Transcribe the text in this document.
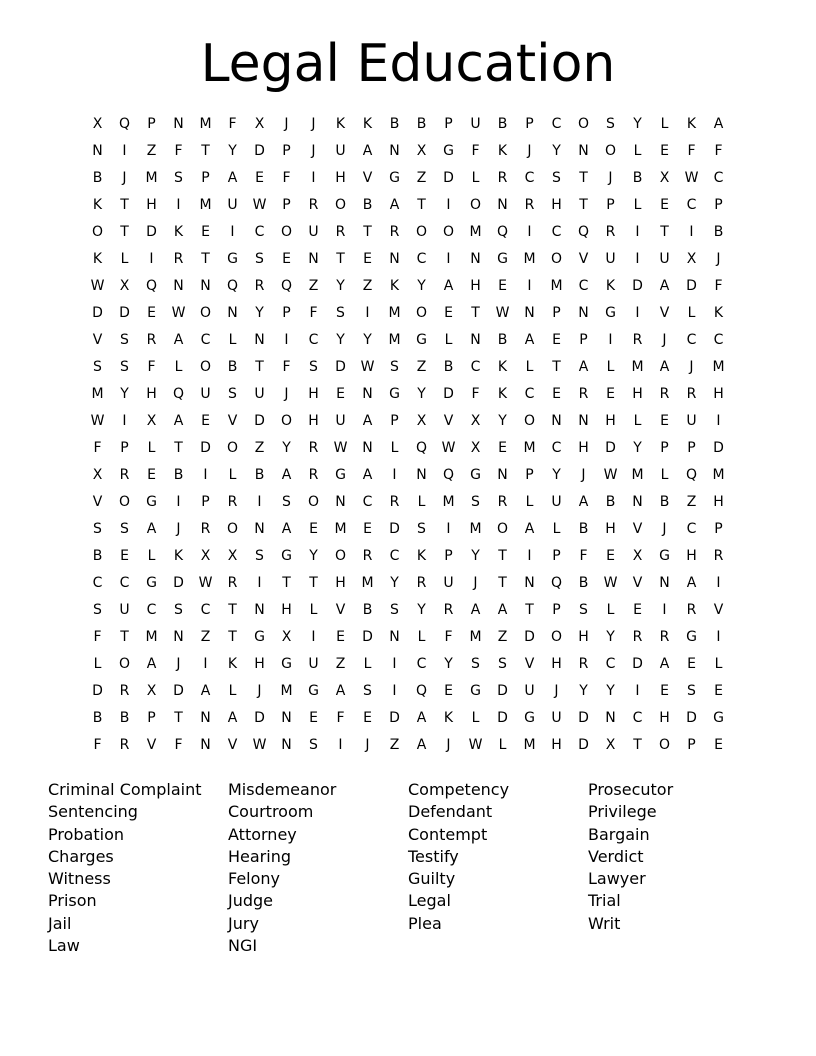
Legal Education
X	Q	P	N	M	F	X	J	J	K	K	B	B	P	U	B	P	C	O	S	Y	L	K	A
N	I	Z	F	T	Y	D	P	J	U	A	N	X	G	F	K	J	Y	N	O	L	E	F	F
B	J	M	S	P	A	E	F	I	H	V	G	Z	D	L	R	C	S	T	J	B	X	W	C
K	T	H	I	M	U	W	P	R	O	B	A	T	I	O	N	R	H	T	P	L	E	C	P
O	T	D	K	E	I	C	O	U	R	T	R	O	O	M	Q	I	C	Q	R	I	T	I	B
K	L	I	R	T	G	S	E	N	T	E	N	C	I	N	G	M	O	V	U	I	U	X	J
W	X	Q	N	N	Q	R	Q	Z	Y	Z	K	Y	A	H	E	I	M	C	K	D	A	D	F
D	D	E	W	O	N	Y	P	F	S	I	M	O	E	T	W	N	P	N	G	I	V	L	K
V	S	R	A	C	L	N	I	C	Y	Y	M	G	L	N	B	A	E	P	I	R	J	C	C
S	S	F	L	O	B	T	F	S	D	W	S	Z	B	C	K	L	T	A	L	M	A	J	M
M	Y	H	Q	U	S	U	J	H	E	N	G	Y	D	F	K	C	E	R	E	H	R	R	H
W	I	X	A	E	V	D	O	H	U	A	P	X	V	X	Y	O	N	N	H	L	E	U	I
F	P	L	T	D	O	Z	Y	R	W	N	L	Q	W	X	E	M	C	H	D	Y	P	P	D
X	R	E	B	I	L	B	A	R	G	A	I	N	Q	G	N	P	Y	J	W	M	L	Q	M
V	O	G	I	P	R	I	S	O	N	C	R	L	M	S	R	L	U	A	B	N	B	Z	H
S	S	A	J	R	O	N	A	E	M	E	D	S	I	M	O	A	L	B	H	V	J	C	P
B	E	L	K	X	X	S	G	Y	O	R	C	K	P	Y	T	I	P	F	E	X	G	H	R
C	C	G	D	W	R	I	T	T	H	M	Y	R	U	J	T	N	Q	B	W	V	N	A	I
S	U	C	S	C	T	N	H	L	V	B	S	Y	R	A	A	T	P	S	L	E	I	R	V
F	T	M	N	Z	T	G	X	I	E	D	N	L	F	M	Z	D	O	H	Y	R	R	G	I
L	O	A	J	I	K	H	G	U	Z	L	I	C	Y	S	S	V	H	R	C	D	A	E	L
D	R	X	D	A	L	J	M	G	A	S	I	Q	E	G	D	U	J	Y	Y	I	E	S	E
B	B	P	T	N	A	D	N	E	F	E	D	A	K	L	D	G	U	D	N	C	H	D	G
F	R	V	F	N	V	W	N	S	I	J	Z	A	J	W	L	M	H	D	X	T	O	P	E
Criminal Complaint
Sentencing
Probation
Charges
Witness
Prison
Jail
Law
Misdemeanor
Courtroom
Attorney
Hearing
Felony
Judge
Jury
NGI
Competency
Defendant
Contempt
Testify
Guilty
Legal
Plea
Prosecutor
Privilege
Bargain
Verdict
Lawyer
Trial
Writ
